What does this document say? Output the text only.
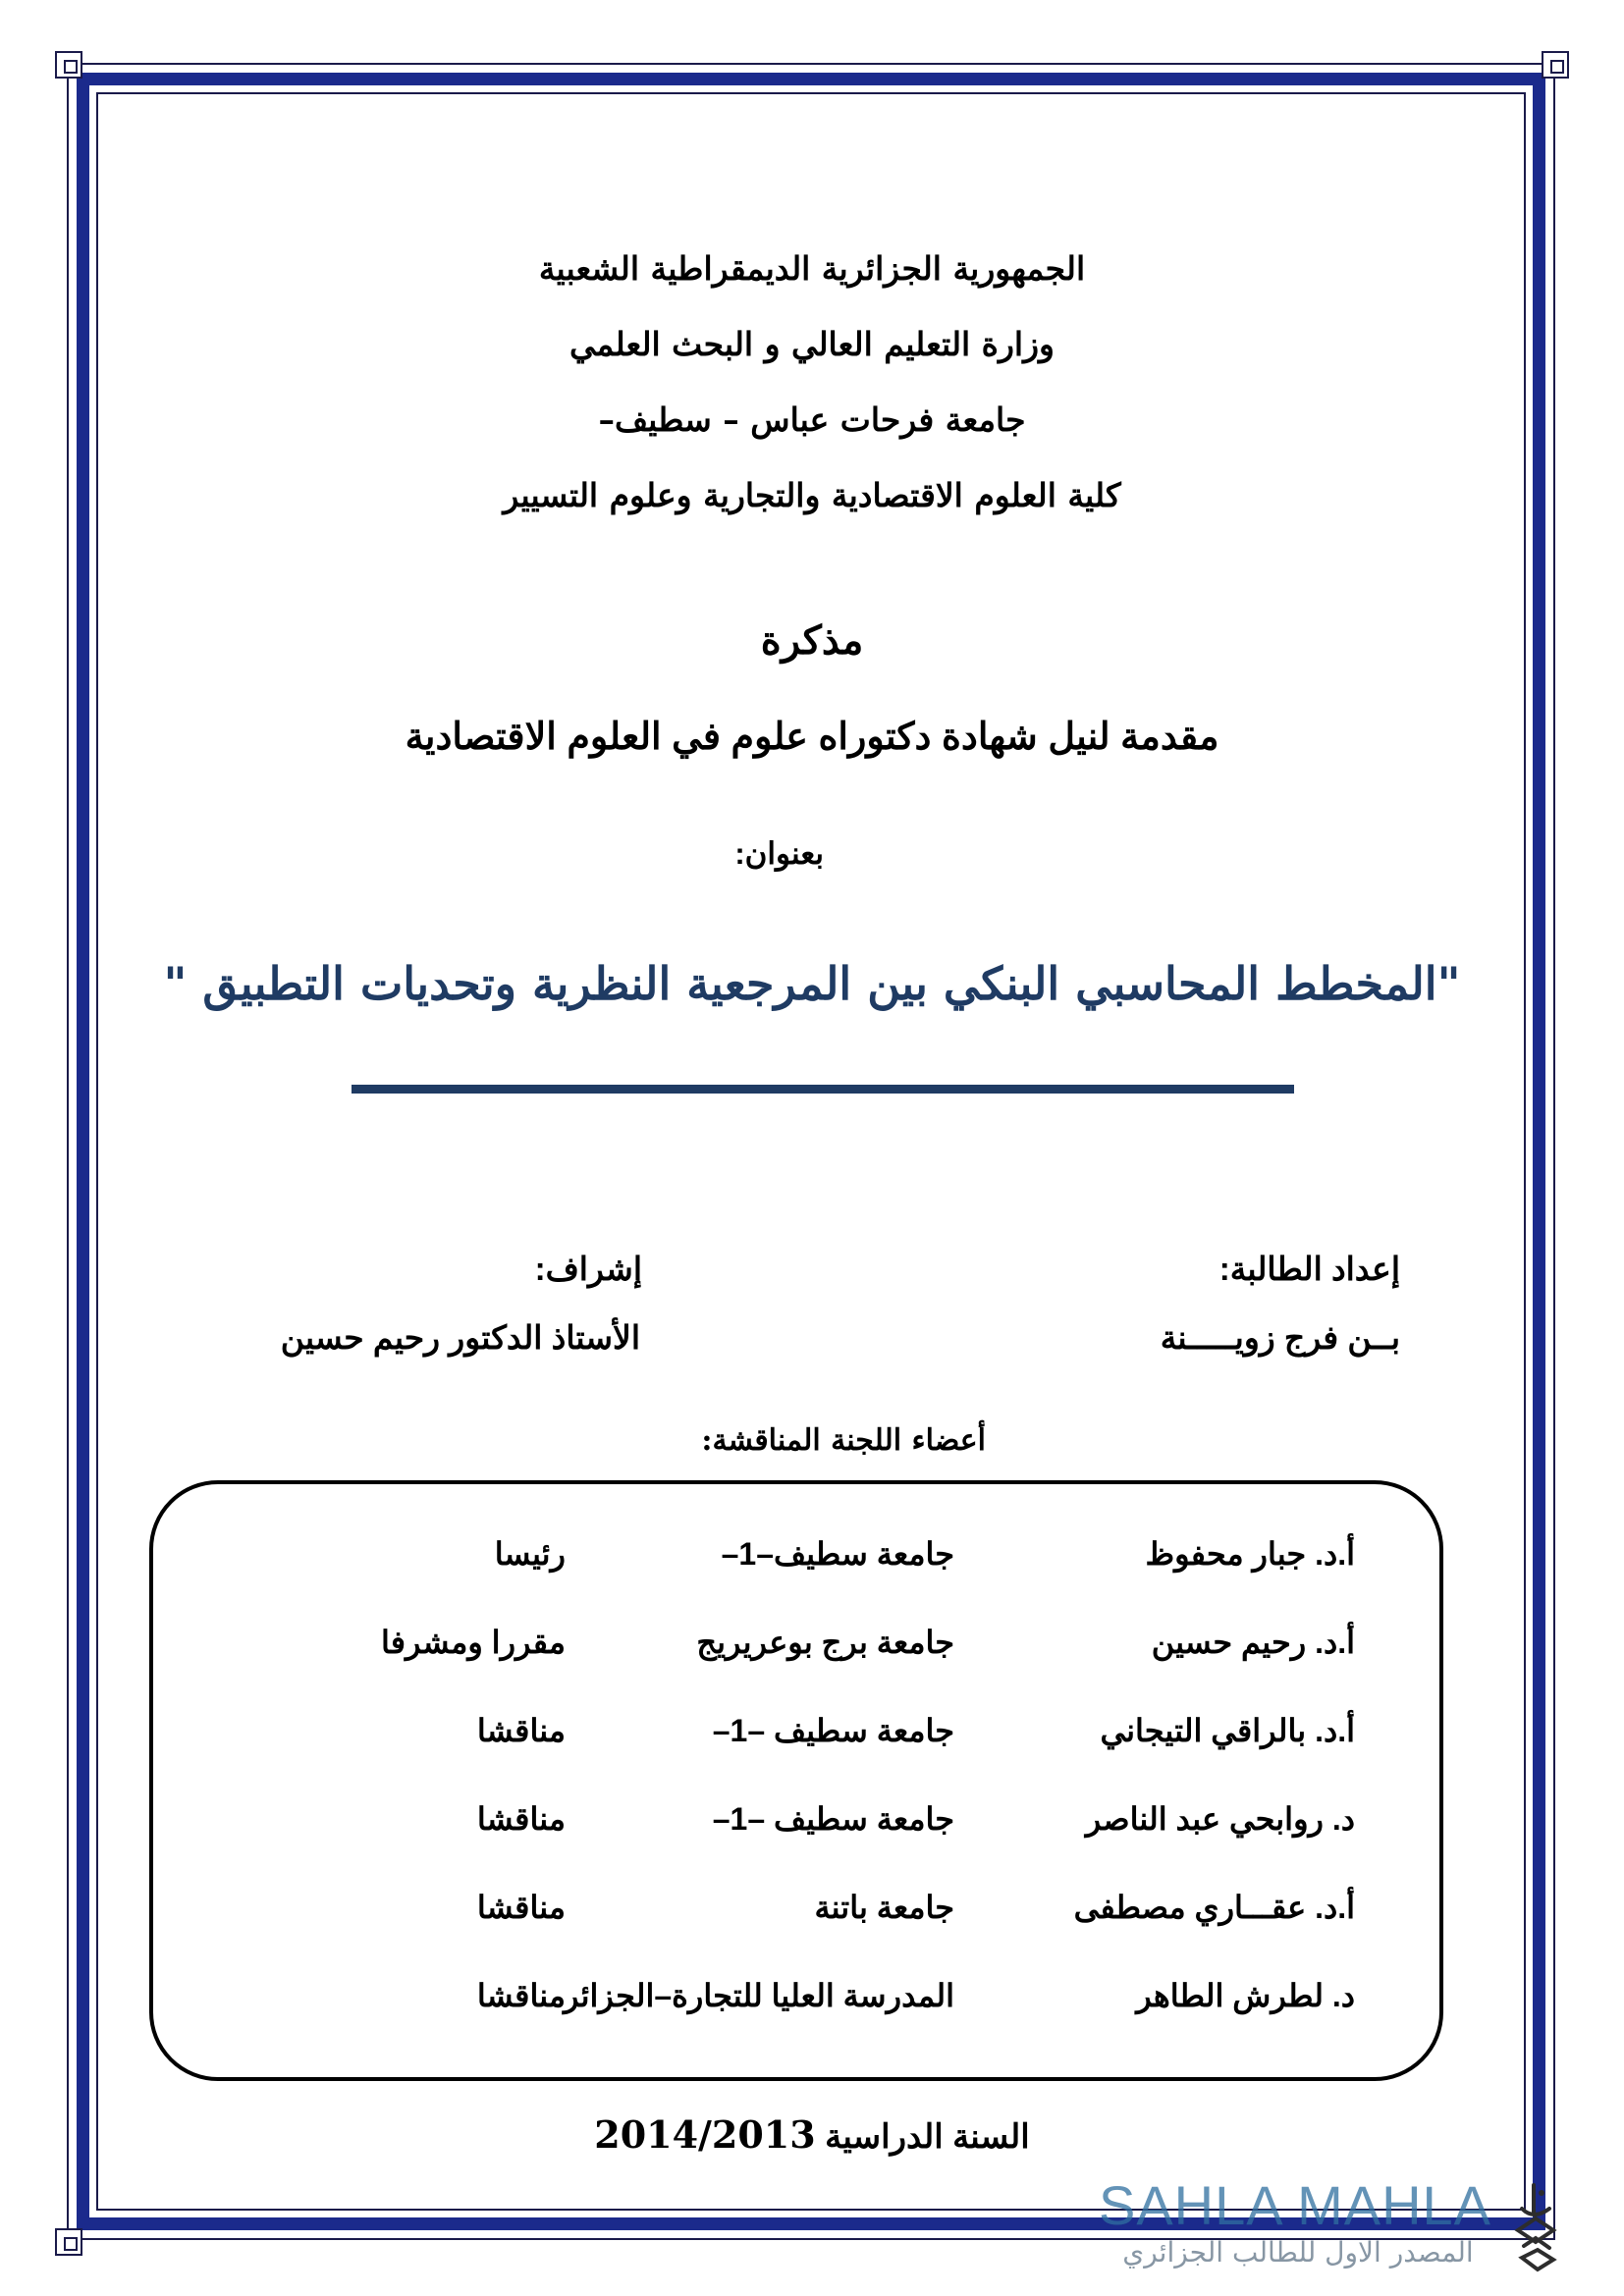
الجمهورية الجزائرية الديمقراطية الشعبية
وزارة التعليم العالي و البحث العلمي
جامعة فرحات عباس – سطيف–
كلية العلوم الاقتصادية والتجارية وعلوم التسيير
مذكرة
مقدمة لنيل شهادة دكتوراه علوم في العلوم الاقتصادية
بعنوان:
"المخطط المحاسبي البنكي بين المرجعية النظرية وتحديات التطبيق "
إعداد الطالبة:
بــن فرج زويـــــنة
إشراف:
الأستاذ الدكتور رحيم حسين
أعضاء اللجنة المناقشة:
أ.د. جبار محفوظ
جامعة سطيف–1–
رئيسا
أ.د. رحيم حسين
جامعة برج بوعريريج
مقررا ومشرفا
أ.د. بالراقي التيجاني
جامعة سطيف –1–
مناقشا
د. روابحي عبد الناصر
جامعة سطيف –1–
مناقشا
أ.د. عقـــاري مصطفى
جامعة باتنة
مناقشا
د. لطرش الطاهر
المدرسة العليا للتجارة–الجزائر
مناقشا
السنة الدراسية 2014/2013
SAHLA MAHLA
المصدر الاول للطالب الجزائري
